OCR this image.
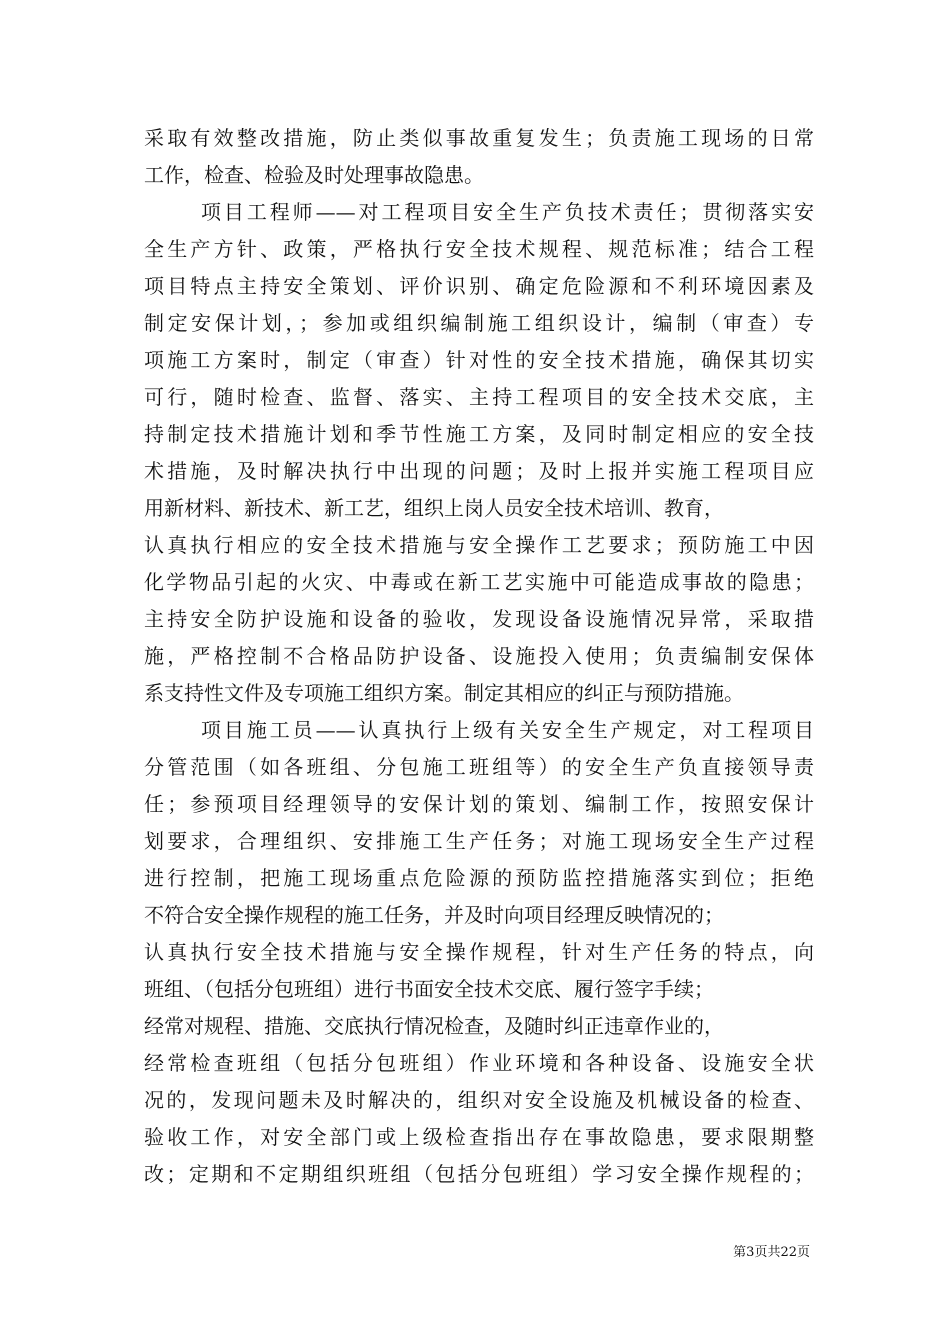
采取有效整改措施，防止类似事故重复发生；负责施工现场的日常
工作，检查、检验及时处理事故隐患。
项目工程师——对工程项目安全生产负技术责任；贯彻落实安
全生产方针、政策，严格执行安全技术规程、规范标准；结合工程
项目特点主持安全策划、评价识别、确定危险源和不利环境因素及
制定安保计划，；参加或组织编制施工组织设计，编制（审查）专
项施工方案时，制定（审查）针对性的安全技术措施，确保其切实
可行，随时检查、监督、落实、主持工程项目的安全技术交底，主
持制定技术措施计划和季节性施工方案，及同时制定相应的安全技
术措施，及时解决执行中出现的问题；及时上报并实施工程项目应
用新材料、新技术、新工艺，组织上岗人员安全技术培训、教育，
认真执行相应的安全技术措施与安全操作工艺要求；预防施工中因
化学物品引起的火灾、中毒或在新工艺实施中可能造成事故的隐患；
主持安全防护设施和设备的验收，发现设备设施情况异常，采取措
施，严格控制不合格品防护设备、设施投入使用；负责编制安保体
系支持性文件及专项施工组织方案。制定其相应的纠正与预防措施。
项目施工员——认真执行上级有关安全生产规定，对工程项目
分管范围（如各班组、分包施工班组等）的安全生产负直接领导责
任；参预项目经理领导的安保计划的策划、编制工作，按照安保计
划要求，合理组织、安排施工生产任务；对施工现场安全生产过程
进行控制，把施工现场重点危险源的预防监控措施落实到位；拒绝
不符合安全操作规程的施工任务，并及时向项目经理反映情况的；
认真执行安全技术措施与安全操作规程，针对生产任务的特点，向
班组、（包括分包班组）进行书面安全技术交底、履行签字手续；
经常对规程、措施、交底执行情况检查，及随时纠正违章作业的，
经常检查班组（包括分包班组）作业环境和各种设备、设施安全状
况的，发现问题未及时解决的，组织对安全设施及机械设备的检查、
验收工作，对安全部门或上级检查指出存在事故隐患，要求限期整
改；定期和不定期组织班组（包括分包班组）学习安全操作规程的；
第3页共22页
